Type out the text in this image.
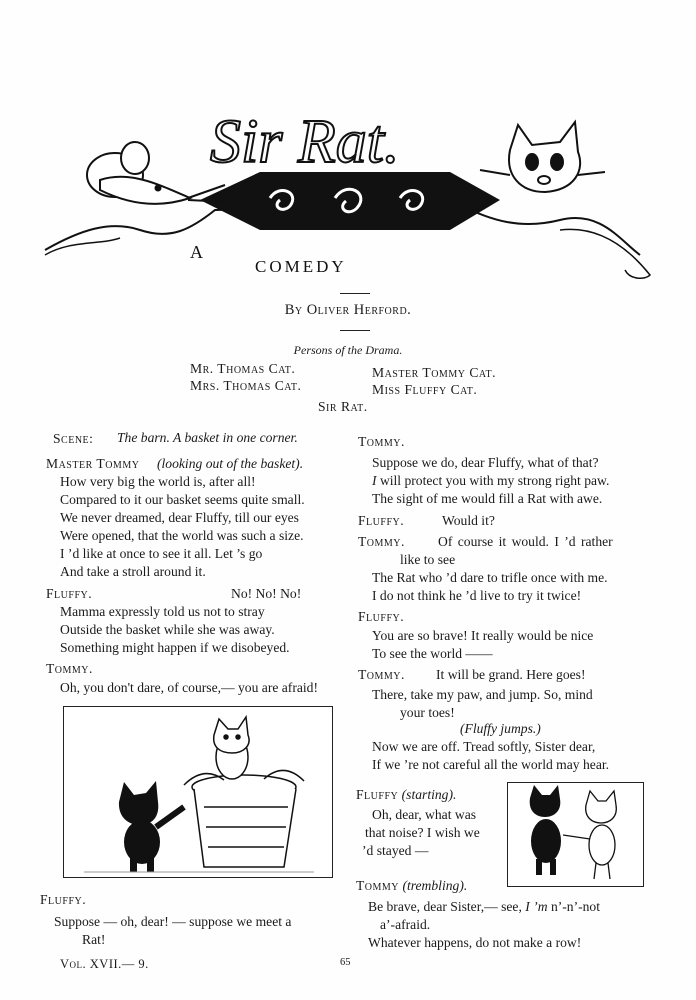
Sir Rat.
A
COMEDY
By Oliver Herford.
Persons of the Drama.
Mr. Thomas Cat.	Master Tommy Cat.
Mrs. Thomas Cat.	Miss Fluffy Cat.
Sir Rat.
Scene: The barn. A basket in one corner.
Master Tommy (looking out of the basket).
How very big the world is, after all!
Compared to it our basket seems quite small.
We never dreamed, dear Fluffy, till our eyes
Were opened, that the world was such a size.
I ’d like at once to see it all. Let ’s go
And take a stroll around it.
Fluffy.	No! No! No!
Mamma expressly told us not to stray
Outside the basket while she was away.
Something might happen if we disobeyed.
Tommy.
Oh, you don't dare, of course,— you are afraid!
Fluffy.
Suppose — oh, dear! — suppose we meet a
Rat!
Vol. XVII.— 9.
Tommy.
Suppose we do, dear Fluffy, what of that?
I will protect you with my strong right paw.
The sight of me would fill a Rat with awe.
Fluffy.	Would it?
Tommy. Of course it would. I ’d rather
like to see
The Rat who ’d dare to trifle once with me.
I do not think he ’d live to try it twice!
Fluffy.
You are so brave! It really would be nice
To see the world ——
Tommy. It will be grand. Here goes!
There, take my paw, and jump. So, mind
your toes!
(Fluffy jumps.)
Now we are off. Tread softly, Sister dear,
If we ’re not careful all the world may hear.
Fluffy (starting).
Oh, dear, what was
that noise? I wish we
’d stayed —
Tommy (trembling).
Be brave, dear Sister,— see, I ’m n’-n’-not
a’-afraid.
Whatever happens, do not make a row!
65
